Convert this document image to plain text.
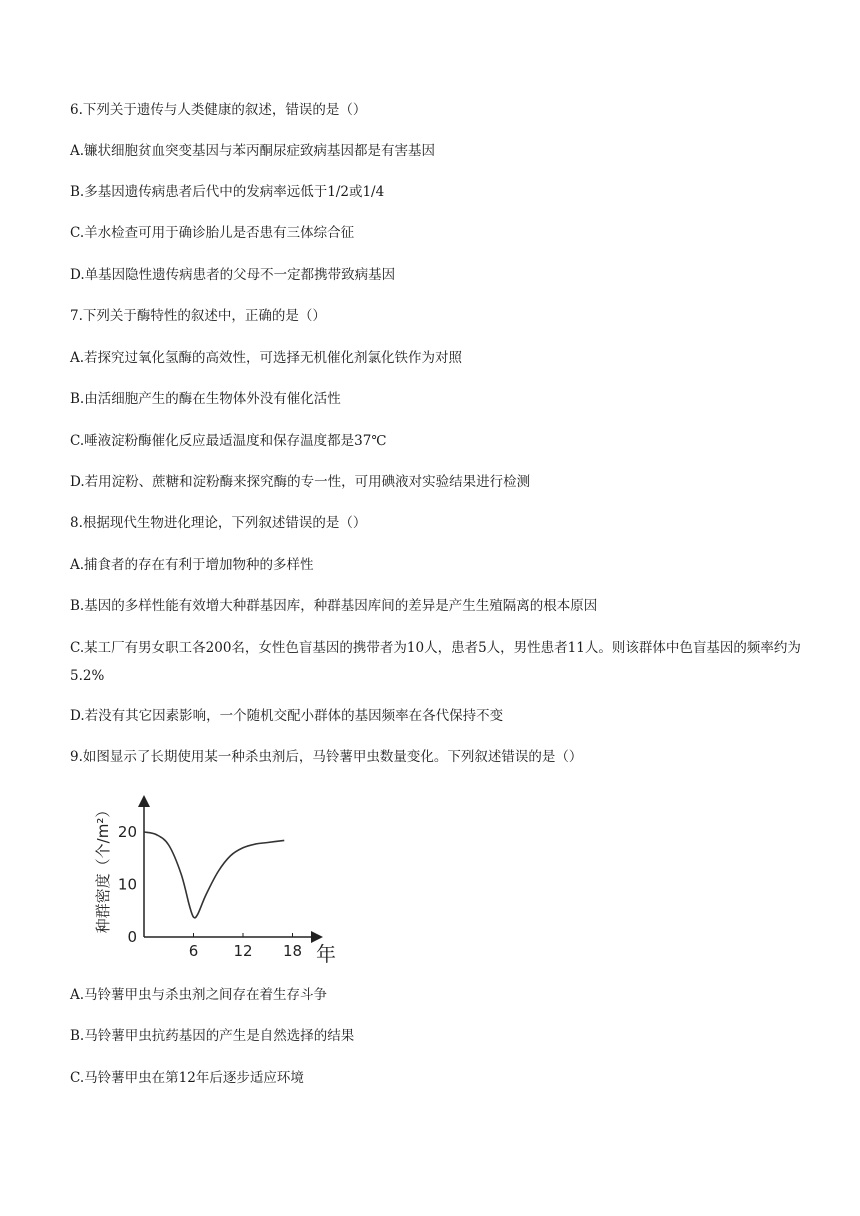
6.下列关于遗传与人类健康的叙述，错误的是（）
A.镰状细胞贫血突变基因与苯丙酮尿症致病基因都是有害基因
B.多基因遗传病患者后代中的发病率远低于1/2或1/4
C.羊水检查可用于确诊胎儿是否患有三体综合征
D.单基因隐性遗传病患者的父母不一定都携带致病基因
7.下列关于酶特性的叙述中，正确的是（）
A.若探究过氧化氢酶的高效性，可选择无机催化剂氯化铁作为对照
B.由活细胞产生的酶在生物体外没有催化活性
C.唾液淀粉酶催化反应最适温度和保存温度都是37℃
D.若用淀粉、蔗糖和淀粉酶来探究酶的专一性，可用碘液对实验结果进行检测
8.根据现代生物进化理论，下列叙述错误的是（）
A.捕食者的存在有利于增加物种的多样性
B.基因的多样性能有效增大种群基因库，种群基因库间的差异是产生生殖隔离的根本原因
C.某工厂有男女职工各200名，女性色盲基因的携带者为10人，患者5人，男性患者11人。则该群体中色盲基因的频率约为5.2%
D.若没有其它因素影响，一个随机交配小群体的基因频率在各代保持不变
9.如图显示了长期使用某一种杀虫剂后，马铃薯甲虫数量变化。下列叙述错误的是（）
6 12 18
0
10
20
年
种群密度（个/m²）
A.马铃薯甲虫与杀虫剂之间存在着生存斗争
B.马铃薯甲虫抗药基因的产生是自然选择的结果
C.马铃薯甲虫在第12年后逐步适应环境
